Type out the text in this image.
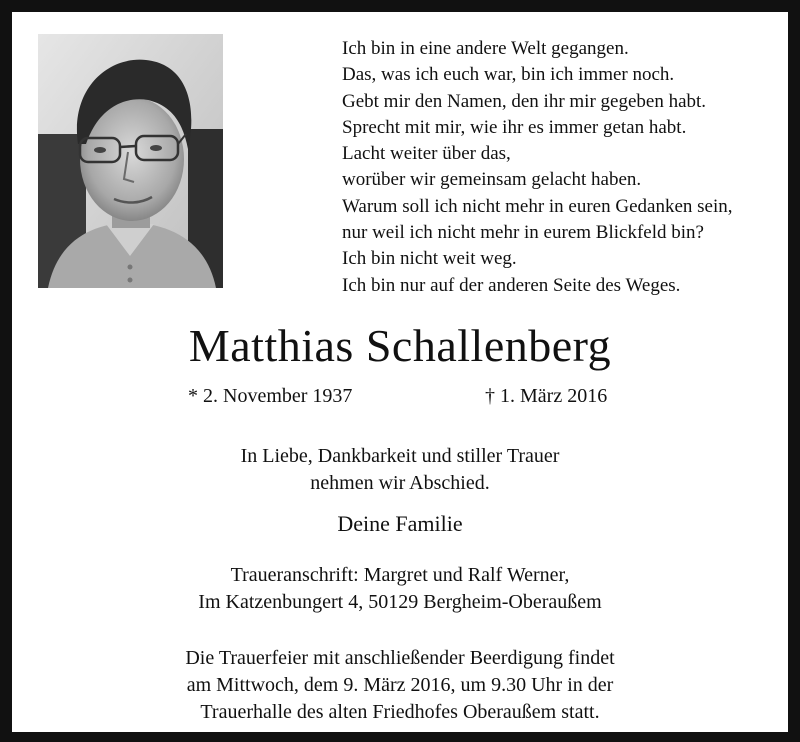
Ich bin in eine andere Welt gegangen.
Das, was ich euch war, bin ich immer noch.
Gebt mir den Namen, den ihr mir gegeben habt.
Sprecht mit mir, wie ihr es immer getan habt.
Lacht weiter über das,
worüber wir gemeinsam gelacht haben.
Warum soll ich nicht mehr in euren Gedanken sein,
nur weil ich nicht mehr in eurem Blickfeld bin?
Ich bin nicht weit weg.
Ich bin nur auf der anderen Seite des Weges.
Matthias Schallenberg
* 2. November 1937	† 1. März 2016
In Liebe, Dankbarkeit und stiller Trauer
nehmen wir Abschied.
Deine Familie
Traueranschrift: Margret und Ralf Werner,
Im Katzenbungert 4, 50129 Bergheim-Oberaußem
Die Trauerfeier mit anschließender Beerdigung findet
am Mittwoch, dem 9. März 2016, um 9.30 Uhr in der
Trauerhalle des alten Friedhofes Oberaußem statt.
